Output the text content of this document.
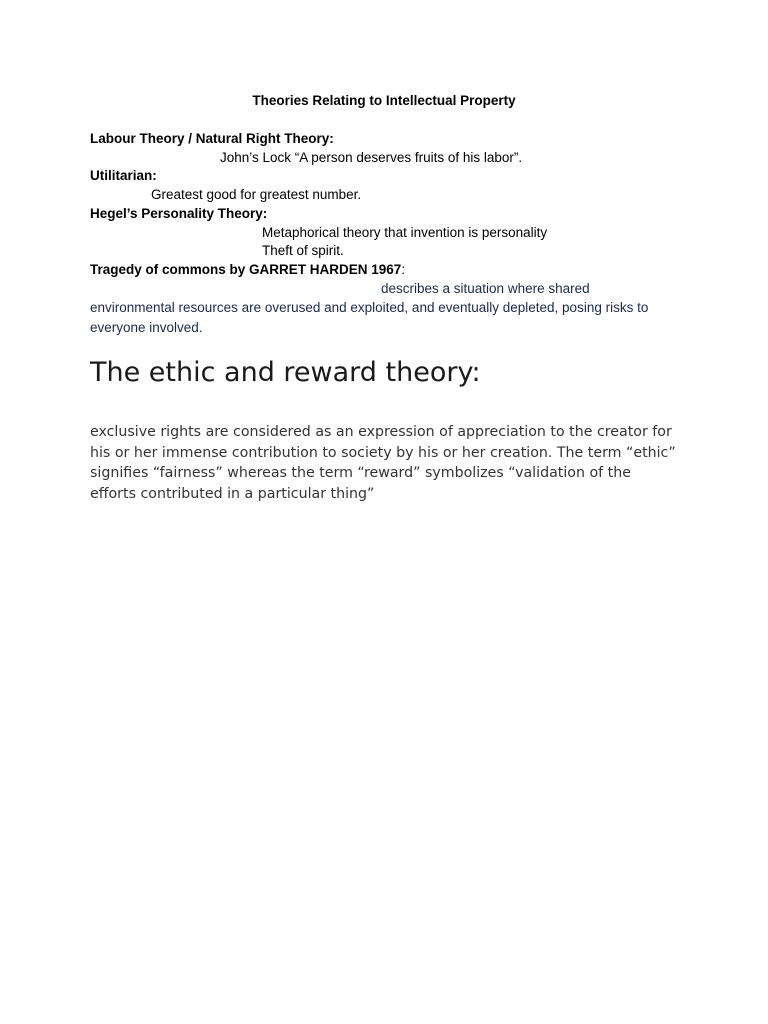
Theories Relating to Intellectual Property
Labour Theory / Natural Right Theory:
John’s Lock “A person deserves fruits of his labor”.
Utilitarian:
Greatest good for greatest number.
Hegel’s Personality Theory:
Metaphorical theory that invention is personality
Theft of spirit.
Tragedy of commons by GARRET HARDEN 1967:
describes a situation where shared
environmental resources are overused and exploited, and eventually depleted, posing risks to everyone involved.
The ethic and reward theory:
exclusive rights are considered as an expression of appreciation to the creator for his or her immense contribution to society by his or her creation. The term “ethic” signifies “fairness” whereas the term “reward” symbolizes “validation of the efforts contributed in a particular thing”
